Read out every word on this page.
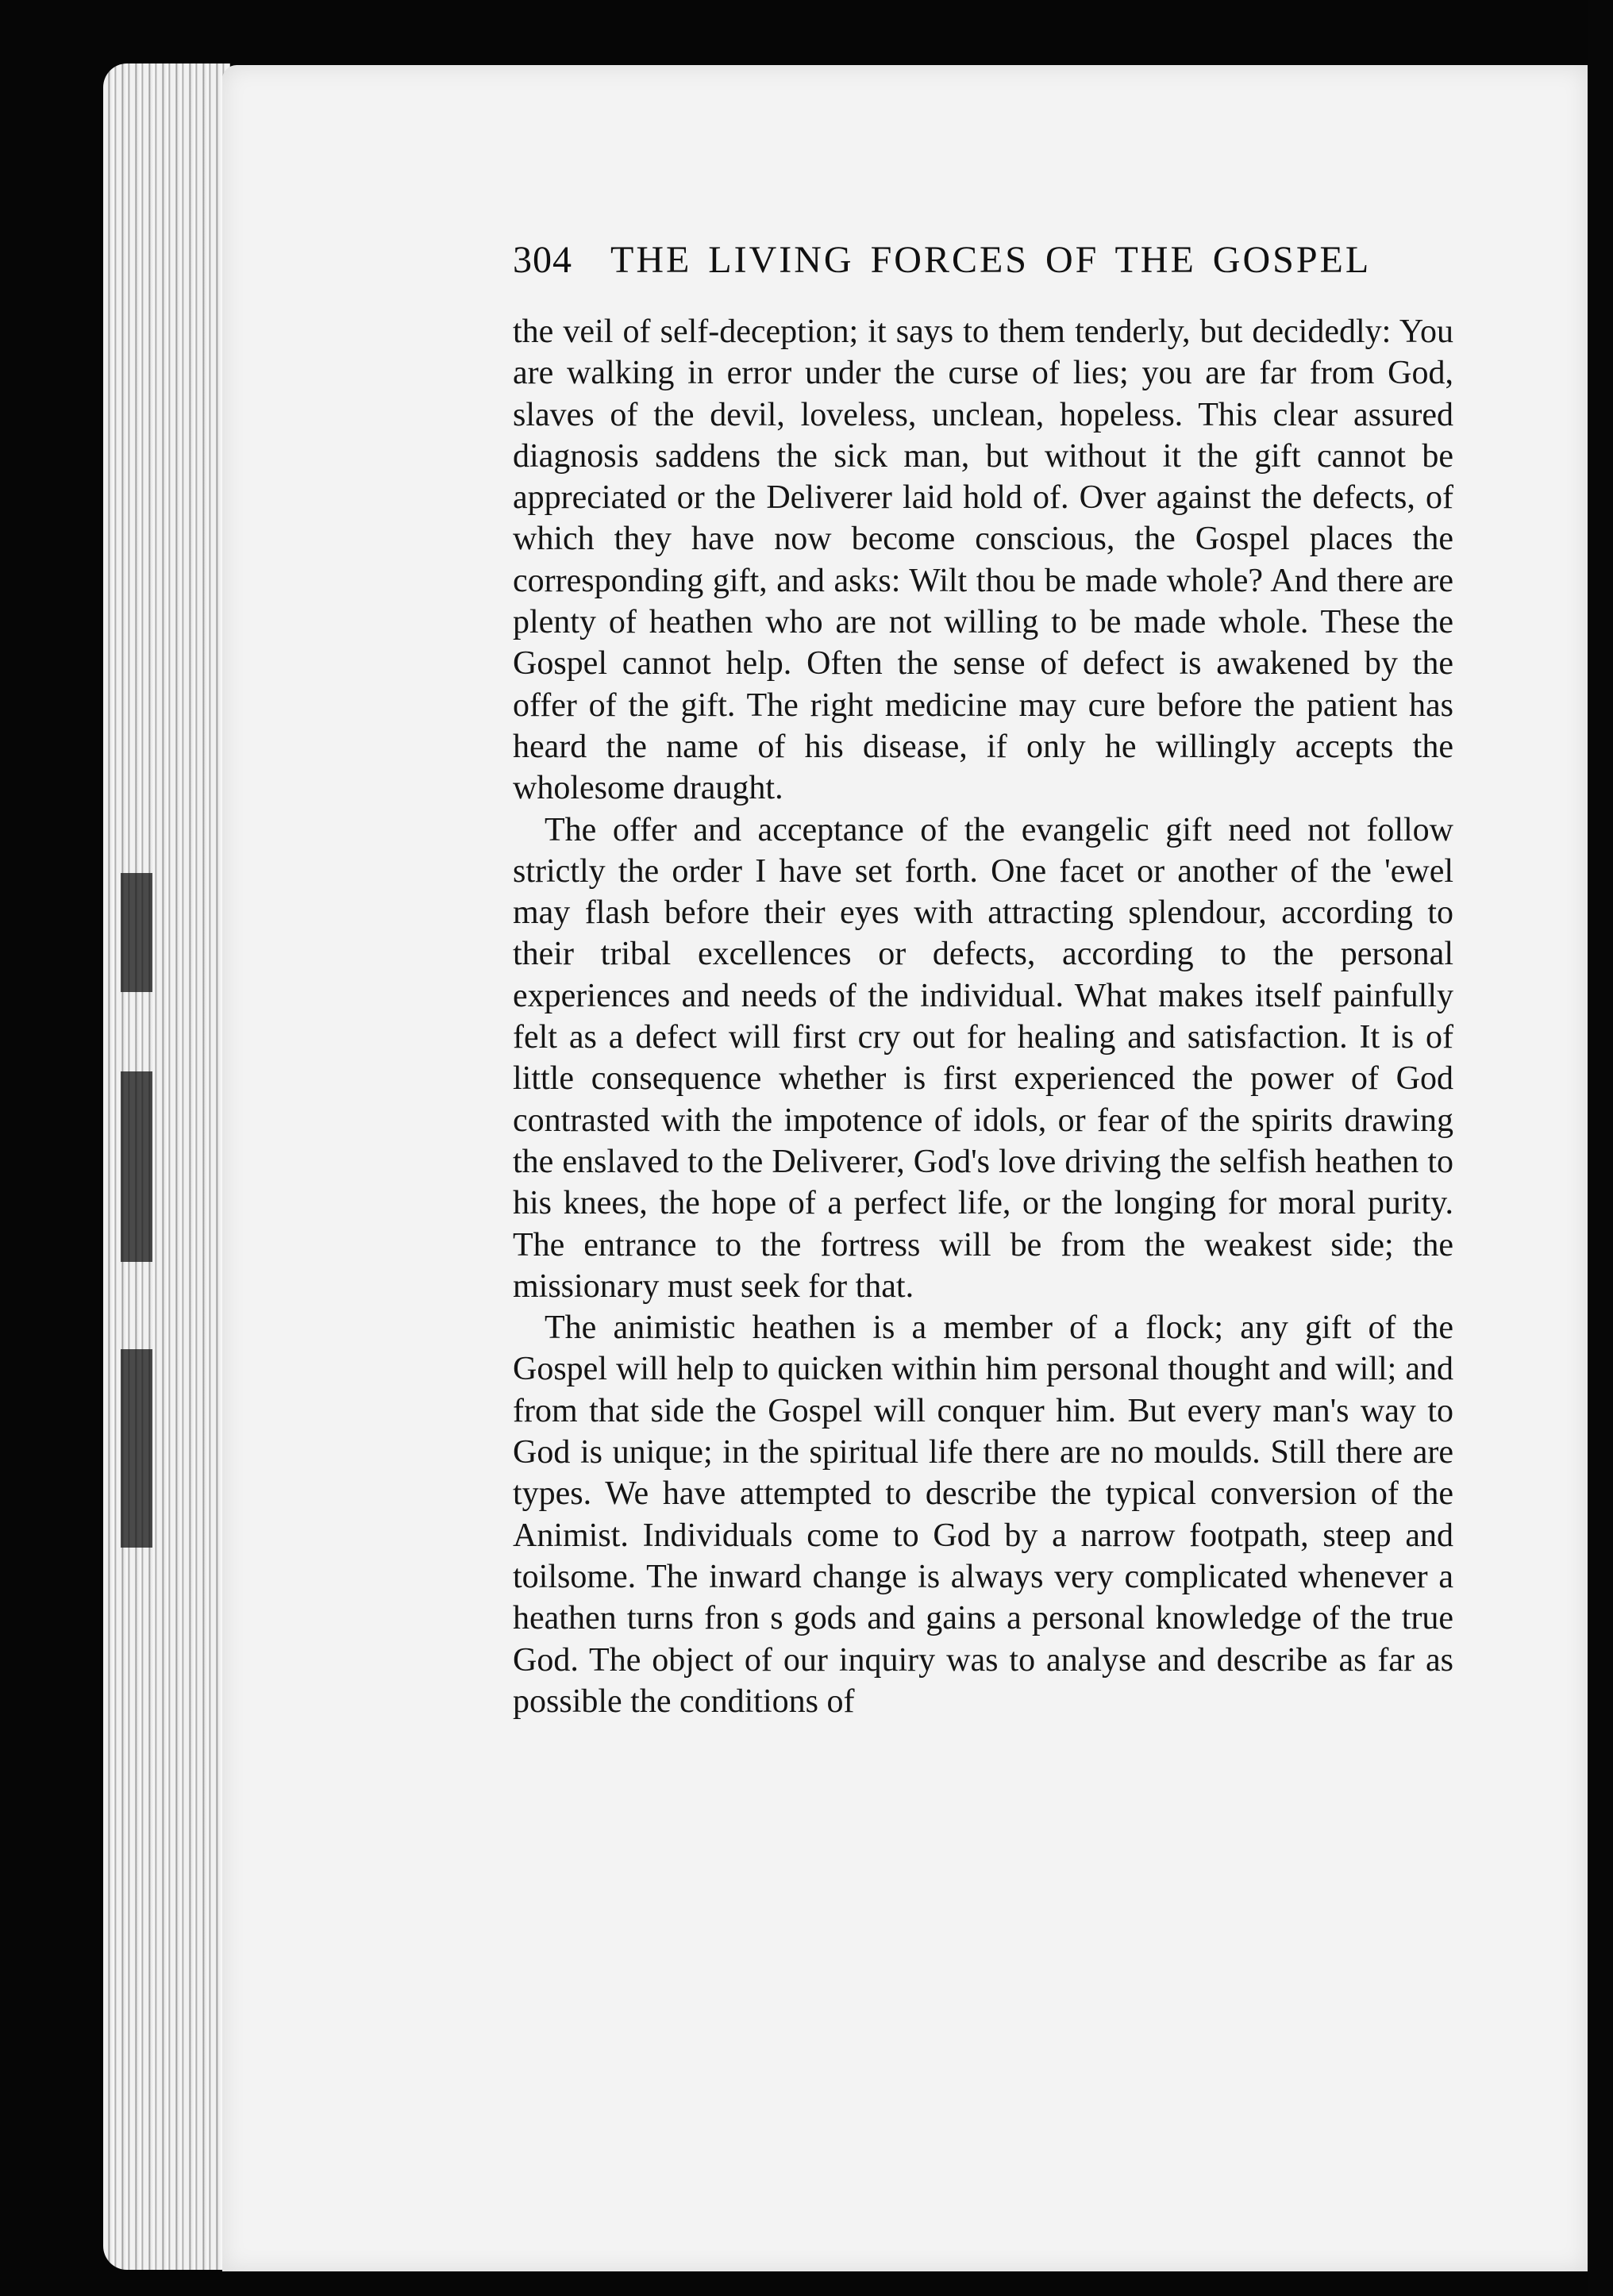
304 THE LIVING FORCES OF THE GOSPEL

the veil of self-deception; it says to them tenderly, but decidedly: You are walking in error under the curse of lies; you are far from God, slaves of the devil, loveless, unclean, hopeless. This clear assured diagnosis saddens the sick man, but without it the gift cannot be appreciated or the Deliverer laid hold of. Over against the defects, of which they have now become conscious, the Gospel places the corresponding gift, and asks: Wilt thou be made whole? And there are plenty of heathen who are not willing to be made whole. These the Gospel cannot help. Often the sense of defect is awakened by the offer of the gift. The right medicine may cure before the patient has heard the name of his disease, if only he willingly accepts the wholesome draught.

The offer and acceptance of the evangelic gift need not follow strictly the order I have set forth. One facet or another of the 'ewel may flash before their eyes with attracting splendour, according to their tribal excellences or defects, according to the personal experiences and needs of the individual. What makes itself painfully felt as a defect will first cry out for healing and satisfaction. It is of little consequence whether is first experienced the power of God contrasted with the impotence of idols, or fear of the spirits drawing the enslaved to the Deliverer, God's love driving the selfish heathen to his knees, the hope of a perfect life, or the longing for moral purity. The entrance to the fortress will be from the weakest side; the missionary must seek for that.

The animistic heathen is a member of a flock; any gift of the Gospel will help to quicken within him personal thought and will; and from that side the Gospel will conquer him. But every man's way to God is unique; in the spiritual life there are no moulds. Still there are types. We have attempted to describe the typical conversion of the Animist. Individuals come to God by a narrow footpath, steep and toilsome. The inward change is always very complicated whenever a heathen turns fron s gods and gains a personal knowledge of the true God. The object of our inquiry was to analyse and describe as far as possible the conditions of
